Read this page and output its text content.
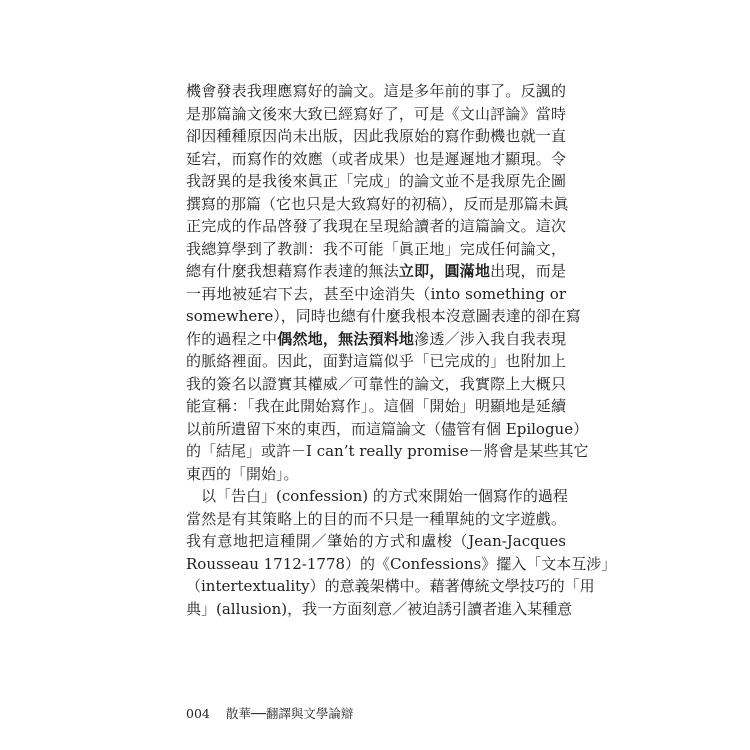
機會發表我理應寫好的論文。這是多年前的事了。反諷的
是那篇論文後來大致已經寫好了，可是《文山評論》當時
卻因種種原因尚未出版，因此我原始的寫作動機也就一直
延宕，而寫作的效應（或者成果）也是遲遲地才顯現。令
我訝異的是我後來眞正「完成」的論文並不是我原先企圖
撰寫的那篇（它也只是大致寫好的初稿），反而是那篇未眞
正完成的作品啓發了我現在呈現給讀者的這篇論文。這次
我總算學到了教訓：我不可能「眞正地」完成任何論文，
總有什麼我想藉寫作表達的無法立即，圓滿地出現，而是
一再地被延宕下去，甚至中途消失（into something or
somewhere），同時也總有什麼我根本沒意圖表達的卻在寫
作的過程之中偶然地，無法預料地滲透／涉入我自我表現
的脈絡裡面。因此，面對這篇似乎「已完成的」也附加上
我的簽名以證實其權威／可靠性的論文，我實際上大概只
能宣稱：「我在此開始寫作」。這個「開始」明顯地是延續
以前所遺留下來的東西，而這篇論文（儘管有個 Epilogue）
的「結尾」或許－I can’t really promise－將會是某些其它
東西的「開始」。

以「告白」(confession) 的方式來開始一個寫作的過程
當然是有其策略上的目的而不只是一種單純的文字遊戲。
我有意地把這種開／肇始的方式和盧梭（Jean-Jacques
Rousseau 1712-1778）的《Confessions》擺入「文本互涉」
（intertextuality）的意義架構中。藉著傳統文學技巧的「用
典」(allusion)，我一方面刻意／被迫誘引讀者進入某種意

004 散華──翻譯與文學論辯
